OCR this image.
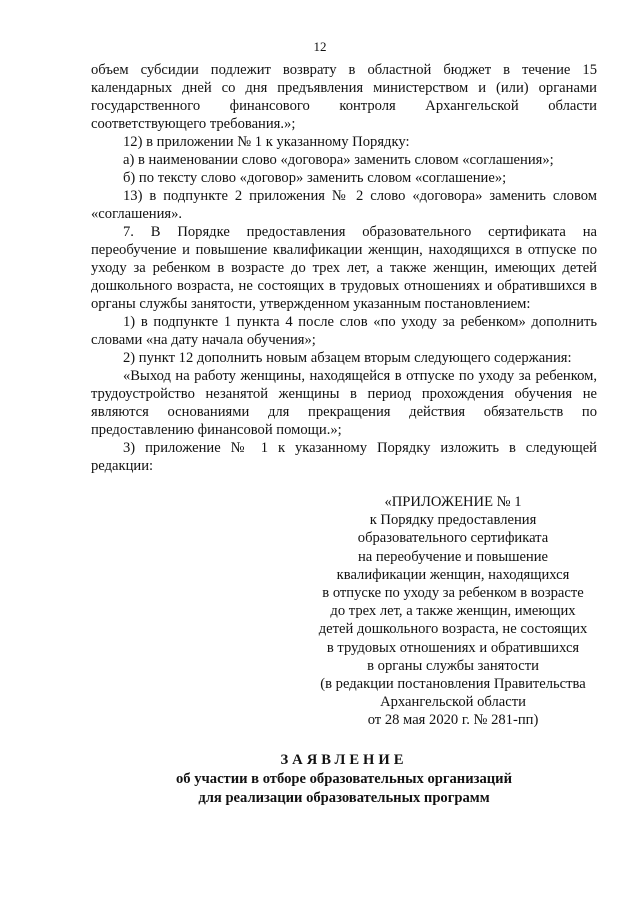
12

объем субсидии подлежит возврату в областной бюджет в течение 15 календарных дней со дня предъявления министерством и (или) органами государственного финансового контроля Архангельской области соответствующего требования.»;

12) в приложении № 1 к указанному Порядку:

а) в наименовании слово «договора» заменить словом «соглашения»;

б) по тексту слово «договор» заменить словом «соглашение»;

13) в подпункте 2 приложения № 2 слово «договора» заменить словом «соглашения».

7. В Порядке предоставления образовательного сертификата на переобучение и повышение квалификации женщин, находящихся в отпуске по уходу за ребенком в возрасте до трех лет, а также женщин, имеющих детей дошкольного возраста, не состоящих в трудовых отношениях и обратившихся в органы службы занятости, утвержденном указанным постановлением:

1) в подпункте 1 пункта 4 после слов «по уходу за ребенком» дополнить словами «на дату начала обучения»;

2) пункт 12 дополнить новым абзацем вторым следующего содержания:

«Выход на работу женщины, находящейся в отпуске по уходу за ребенком, трудоустройство незанятой женщины в период прохождения обучения не являются основаниями для прекращения действия обязательств по предоставлению финансовой помощи.»;

3) приложение № 1 к указанному Порядку изложить в следующей редакции:

«ПРИЛОЖЕНИЕ № 1
к Порядку предоставления
образовательного сертификата
на переобучение и повышение
квалификации женщин, находящихся
в отпуске по уходу за ребенком в возрасте
до трех лет, а также женщин, имеющих
детей дошкольного возраста, не состоящих
в трудовых отношениях и обратившихся
в органы службы занятости
(в редакции постановления Правительства
Архангельской области
от 28 мая 2020 г. № 281-пп)
ЗАЯВЛЕНИЕ
об участии в отборе образовательных организаций
для реализации образовательных программ
